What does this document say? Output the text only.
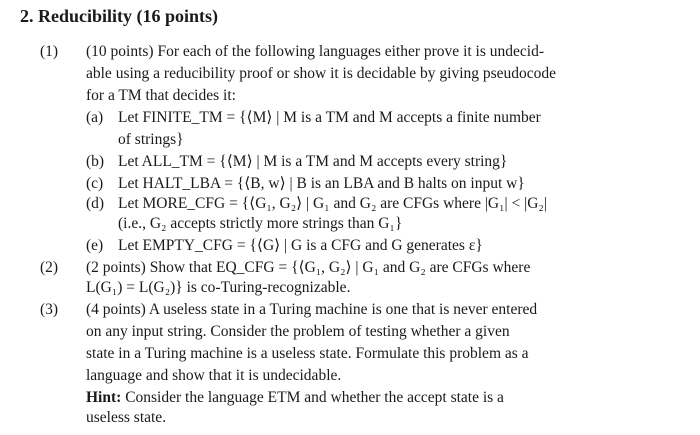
2. Reducibility (16 points)
(1) (10 points) For each of the following languages either prove it is undecid-
able using a reducibility proof or show it is decidable by giving pseudocode
for a TM that decides it:
(a) Let FINITE_TM = {⟨M⟩ | M is a TM and M accepts a finite number
of strings}
(b) Let ALL_TM = {⟨M⟩ | M is a TM and M accepts every string}
(c) Let HALT_LBA = {⟨B, w⟩ | B is an LBA and B halts on input w}
(d) Let MORE_CFG = {⟨G₁, G₂⟩ | G₁ and G₂ are CFGs where |G₁| < |G₂|
(i.e., G₂ accepts strictly more strings than G₁}
(e) Let EMPTY_CFG = {⟨G⟩ | G is a CFG and G generates ε}
(2) (2 points) Show that EQ_CFG = {⟨G₁, G₂⟩ | G₁ and G₂ are CFGs where
L(G₁) = L(G₂)} is co-Turing-recognizable.
(3) (4 points) A useless state in a Turing machine is one that is never entered
on any input string. Consider the problem of testing whether a given
state in a Turing machine is a useless state. Formulate this problem as a
language and show that it is undecidable.
Hint: Consider the language ETM and whether the accept state is a
useless state.
